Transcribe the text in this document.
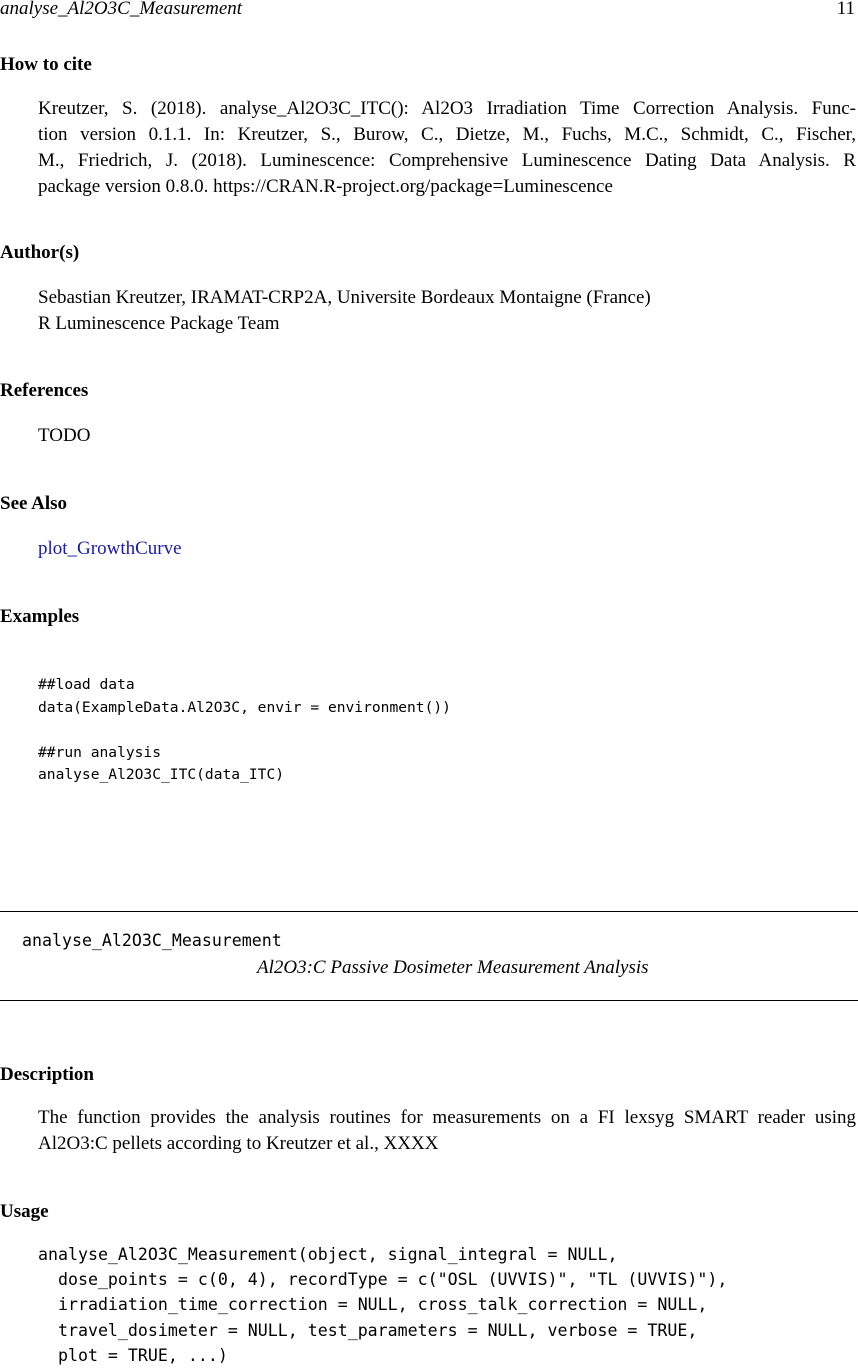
analyse_Al2O3C_Measurement	11
How to cite
Kreutzer, S. (2018). analyse_Al2O3C_ITC(): Al2O3 Irradiation Time Correction Analysis. Func-
tion version 0.1.1. In: Kreutzer, S., Burow, C., Dietze, M., Fuchs, M.C., Schmidt, C., Fischer,
M., Friedrich, J. (2018). Luminescence: Comprehensive Luminescence Dating Data Analysis. R
package version 0.8.0. https://CRAN.R-project.org/package=Luminescence
Author(s)
Sebastian Kreutzer, IRAMAT-CRP2A, Universite Bordeaux Montaigne (France)
R Luminescence Package Team
References
TODO
See Also
plot_GrowthCurve
Examples
##load data
data(ExampleData.Al2O3C, envir = environment())

##run analysis
analyse_Al2O3C_ITC(data_ITC)
analyse_Al2O3C_Measurement
Al2O3:C Passive Dosimeter Measurement Analysis
Description
The function provides the analysis routines for measurements on a FI lexsyg SMART reader using
Al2O3:C pellets according to Kreutzer et al., XXXX
Usage
analyse_Al2O3C_Measurement(object, signal_integral = NULL,
dose_points = c(0, 4), recordType = c("OSL (UVVIS)", "TL (UVVIS)"),
irradiation_time_correction = NULL, cross_talk_correction = NULL,
travel_dosimeter = NULL, test_parameters = NULL, verbose = TRUE,
plot = TRUE, ...)
